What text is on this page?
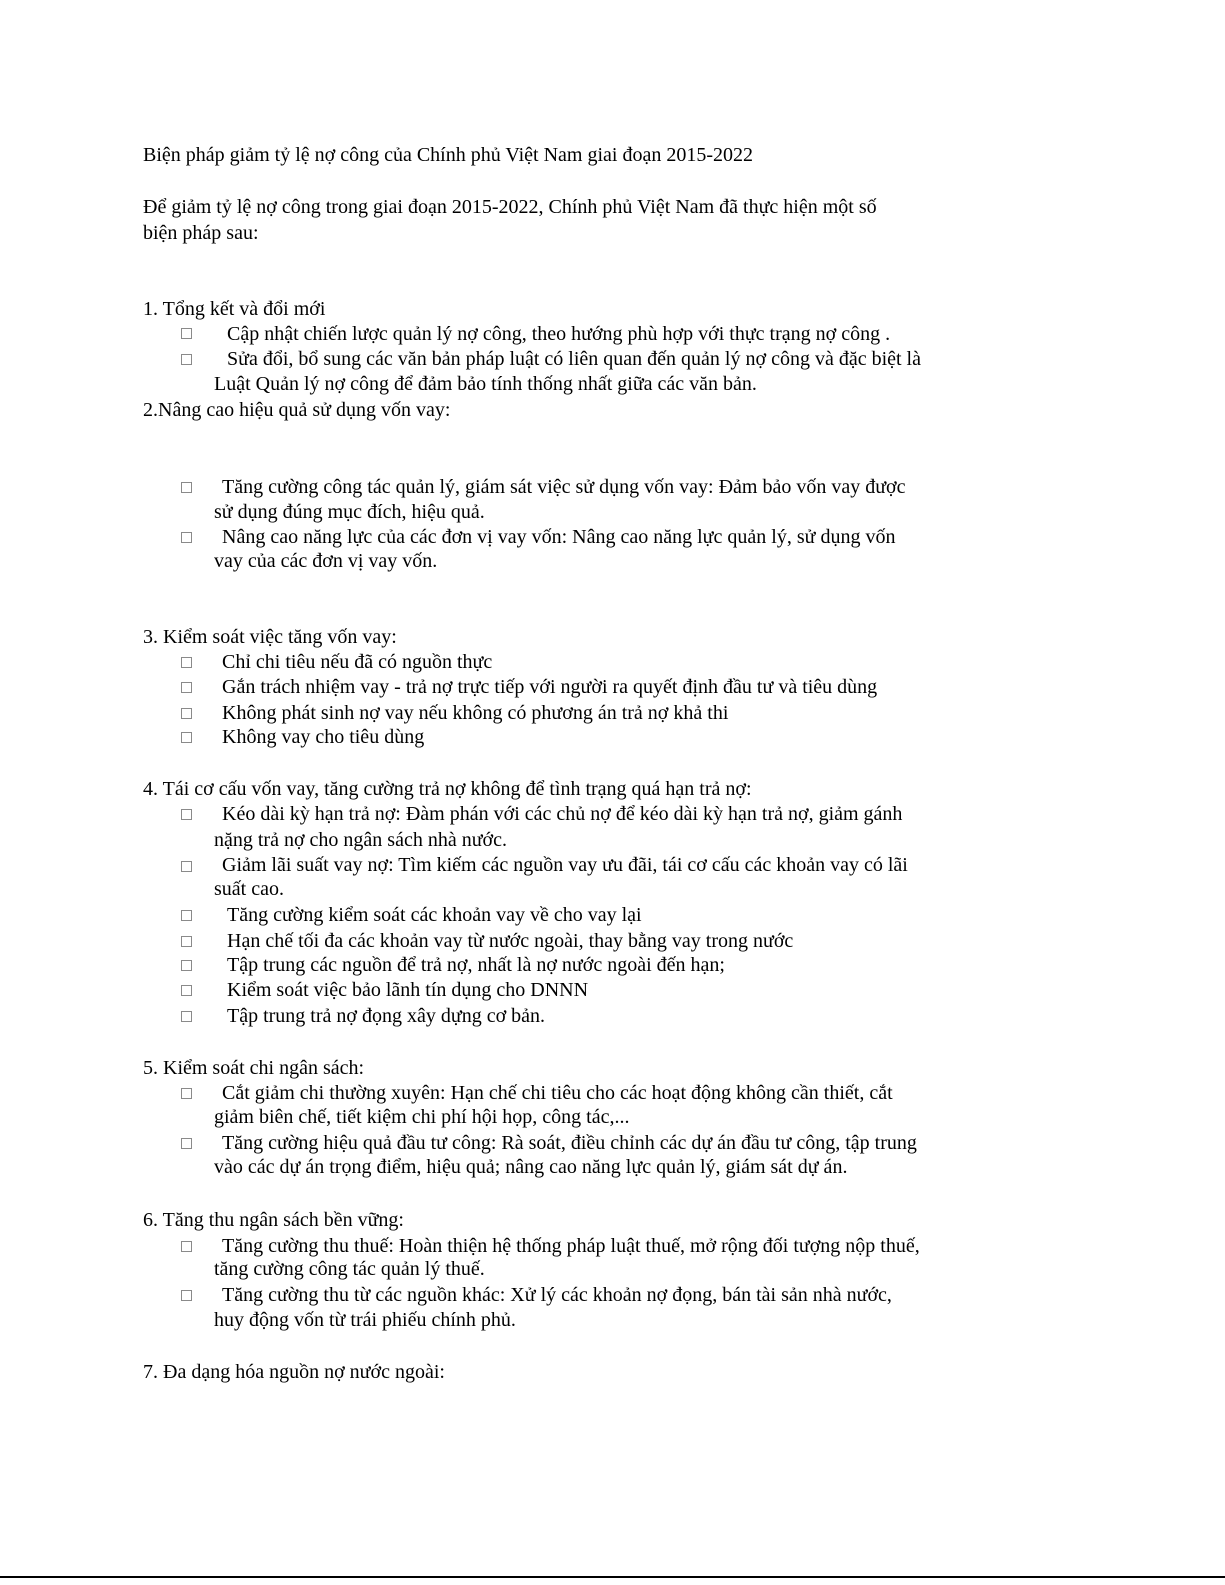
Biện pháp giảm tỷ lệ nợ công của Chính phủ Việt Nam giai đoạn 2015-2022
Để giảm tỷ lệ nợ công trong giai đoạn 2015-2022, Chính phủ Việt Nam đã thực hiện một số
biện pháp sau:
1. Tổng kết và đổi mới
Cập nhật chiến lược quản lý nợ công, theo hướng phù hợp với thực trạng nợ công .
Sửa đổi, bổ sung các văn bản pháp luật có liên quan đến quản lý nợ công và đặc biệt là
Luật Quản lý nợ công để đảm bảo tính thống nhất giữa các văn bản.
2.Nâng cao hiệu quả sử dụng vốn vay:
Tăng cường công tác quản lý, giám sát việc sử dụng vốn vay: Đảm bảo vốn vay được
sử dụng đúng mục đích, hiệu quả.
Nâng cao năng lực của các đơn vị vay vốn: Nâng cao năng lực quản lý, sử dụng vốn
vay của các đơn vị vay vốn.
3. Kiểm soát việc tăng vốn vay:
Chỉ chi tiêu nếu đã có nguồn thực
Gắn trách nhiệm vay - trả nợ trực tiếp với người ra quyết định đầu tư và tiêu dùng
Không phát sinh nợ vay nếu không có phương án trả nợ khả thi
Không vay cho tiêu dùng
4. Tái cơ cấu vốn vay, tăng cường trả nợ không để tình trạng quá hạn trả nợ:
Kéo dài kỳ hạn trả nợ: Đàm phán với các chủ nợ để kéo dài kỳ hạn trả nợ, giảm gánh
nặng trả nợ cho ngân sách nhà nước.
Giảm lãi suất vay nợ: Tìm kiếm các nguồn vay ưu đãi, tái cơ cấu các khoản vay có lãi
suất cao.
Tăng cường kiểm soát các khoản vay về cho vay lại
Hạn chế tối đa các khoản vay từ nước ngoài, thay bằng vay trong nước
Tập trung các nguồn để trả nợ, nhất là nợ nước ngoài đến hạn;
Kiểm soát việc bảo lãnh tín dụng cho DNNN
Tập trung trả nợ đọng xây dựng cơ bản.
5. Kiểm soát chi ngân sách:
Cắt giảm chi thường xuyên: Hạn chế chi tiêu cho các hoạt động không cần thiết, cắt
giảm biên chế, tiết kiệm chi phí hội họp, công tác,...
Tăng cường hiệu quả đầu tư công: Rà soát, điều chỉnh các dự án đầu tư công, tập trung
vào các dự án trọng điểm, hiệu quả; nâng cao năng lực quản lý, giám sát dự án.
6. Tăng thu ngân sách bền vững:
Tăng cường thu thuế: Hoàn thiện hệ thống pháp luật thuế, mở rộng đối tượng nộp thuế,
tăng cường công tác quản lý thuế.
Tăng cường thu từ các nguồn khác: Xử lý các khoản nợ đọng, bán tài sản nhà nước,
huy động vốn từ trái phiếu chính phủ.
7. Đa dạng hóa nguồn nợ nước ngoài:
